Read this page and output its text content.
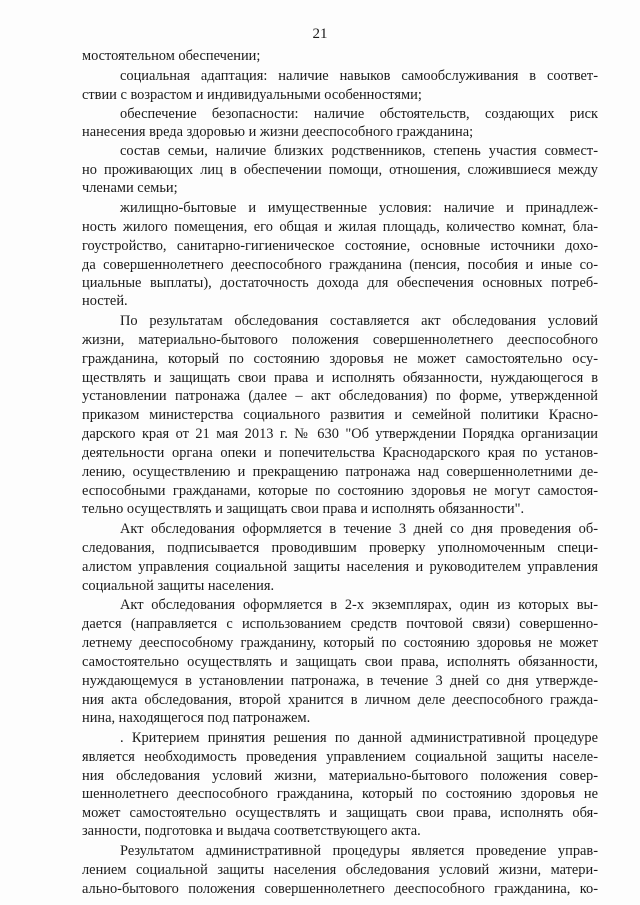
21
мостоятельном обеспечении;
социальная адаптация: наличие навыков самообслуживания в соответ-
ствии с возрастом и индивидуальными особенностями;
обеспечение безопасности: наличие обстоятельств, создающих риск
нанесения вреда здоровью и жизни дееспособного гражданина;
состав семьи, наличие близких родственников, степень участия совмест-
но проживающих лиц в обеспечении помощи, отношения, сложившиеся между
членами семьи;
жилищно-бытовые и имущественные условия: наличие и принадлеж-
ность жилого помещения, его общая и жилая площадь, количество комнат, бла-
гоустройство, санитарно-гигиеническое состояние, основные источники дохо-
да совершеннолетнего дееспособного гражданина (пенсия, пособия и иные со-
циальные выплаты), достаточность дохода для обеспечения основных потреб-
ностей.
По результатам обследования составляется акт обследования условий
жизни, материально-бытового положения совершеннолетнего дееспособного
гражданина, который по состоянию здоровья не может самостоятельно осу-
ществлять и защищать свои права и исполнять обязанности, нуждающегося в
установлении патронажа (далее – акт обследования) по форме, утвержденной
приказом министерства социального развития и семейной политики Красно-
дарского края от 21 мая 2013 г. № 630 "Об утверждении Порядка организации
деятельности органа опеки и попечительства Краснодарского края по установ-
лению, осуществлению и прекращению патронажа над совершеннолетними де-
еспособными гражданами, которые по состоянию здоровья не могут самостоя-
тельно осуществлять и защищать свои права и исполнять обязанности".
Акт обследования оформляется в течение 3 дней со дня проведения об-
следования, подписывается проводившим проверку уполномоченным специ-
алистом управления социальной защиты населения и руководителем управления
социальной защиты населения.
Акт обследования оформляется в 2-х экземплярах, один из которых вы-
дается (направляется с использованием средств почтовой связи) совершенно-
летнему дееспособному гражданину, который по состоянию здоровья не может
самостоятельно осуществлять и защищать свои права, исполнять обязанности,
нуждающемуся в установлении патронажа, в течение 3 дней со дня утвержде-
ния акта обследования, второй хранится в личном деле дееспособного гражда-
нина, находящегося под патронажем.
. Критерием принятия решения по данной административной процедуре
является необходимость проведения управлением социальной защиты населе-
ния обследования условий жизни, материально-бытового положения совер-
шеннолетнего дееспособного гражданина, который по состоянию здоровья не
может самостоятельно осуществлять и защищать свои права, исполнять обя-
занности, подготовка и выдача соответствующего акта.
Результатом административной процедуры является проведение управ-
лением социальной защиты населения обследования условий жизни, матери-
ально-бытового положения совершеннолетнего дееспособного гражданина, ко-
